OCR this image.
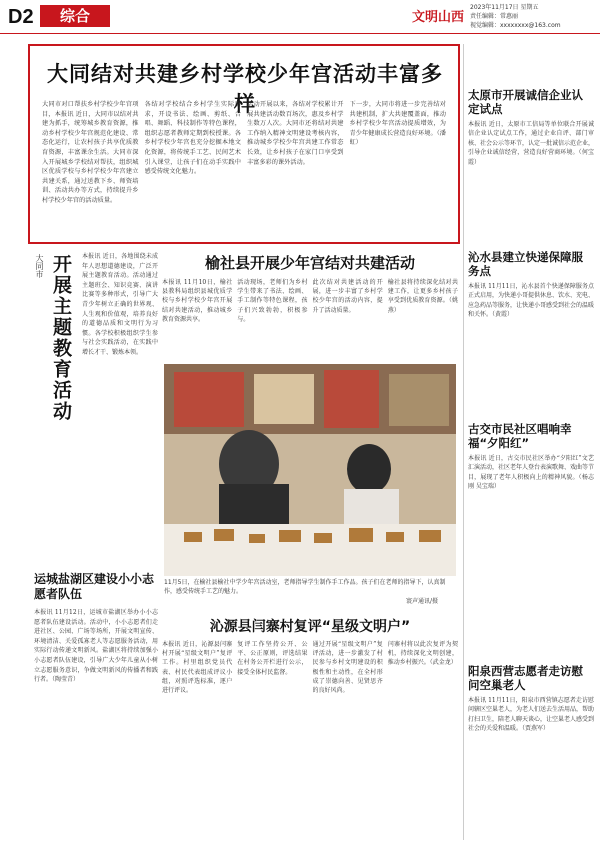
D2	综合	文明山西
2023年11月17日 星期五
责任编辑：常惠丽
视觉编辑：xxxxxxxx@163.com
大同结对共建乡村学校少年宫活动丰富多样
大同市对口帮扶乡村学校少年宫项目，本报讯 近日，大同市以结对共建为抓手，统筹城乡教育资源，推动乡村学校少年宫规范化建设、常态化运行，让农村孩子共享优质教育资源，丰富课余生活。大同市深入开展城乡学校结对帮扶，组织城区优质学校与乡村学校少年宫建立共建关系，通过送教下乡、师资培训、活动共办等方式，持续提升乡村学校少年宫的活动质量。
各结对学校结合乡村学生实际需求，开设书法、绘画、剪纸、合唱、舞蹈、科技制作等特色课程，组织志愿者教师定期到校授课。各乡村学校少年宫也充分挖掘本地文化资源，将传统手工艺、民间艺术引入课堂，让孩子们在动手实践中感受传统文化魅力。
活动开展以来，各结对学校累计开展共建活动数百场次，惠及乡村学生数万人次。大同市还将结对共建工作纳入精神文明建设考核内容，推动城乡学校少年宫共建工作常态长效，让乡村孩子在家门口享受到丰富多彩的课外活动。
下一步，大同市将进一步完善结对共建机制，扩大共建覆盖面，推动乡村学校少年宫活动提质增效，为青少年健康成长营造良好环境。（潘虹）
大同市 开展主题教育活动	本报讯 近日，各地围绕未成年人思想道德建设，广泛开展主题教育活动。活动通过主题班会、知识竞赛、演讲比赛等多种形式，引导广大青少年树立正确的世界观、人生观和价值观，培养良好的道德品质和文明行为习惯。各学校积极组织学生参与社会实践活动，在实践中增长才干、锻炼本领。
榆社县开展少年宫结对共建活动
本报讯 11月10日，榆社县教科局组织县城优质学校与乡村学校少年宫开展结对共建活动，推动城乡教育资源共享。
活动现场，老师们为乡村学生带来了书法、绘画、手工制作等特色课程，孩子们兴致勃勃，积极参与。
此次结对共建活动的开展，进一步丰富了乡村学校少年宫的活动内容，提升了活动质量。
榆社县将持续深化结对共建工作，让更多乡村孩子享受到优质教育资源。（姚燕）
11月5日，在榆社县榆社中学少年宫活动室，老师指导学生制作手工作品。孩子们在老师的指导下，认真制作，感受传统手工艺的魅力。
寰声通讯/摄
运城盐湖区建设小小志愿者队伍
本报讯 11月12日，运城市盐湖区举办小小志愿者队伍建设活动。活动中，小小志愿者们走进社区、公园、广场等场所，开展文明宣传、环境清洁、关爱孤寡老人等志愿服务活动，用实际行动传递文明新风。盐湖区将持续加强小小志愿者队伍建设，引导广大少年儿童从小树立志愿服务意识，争做文明新风的传播者和践行者。（陶莹青）
沁源县闫寨村复评“星级文明户”
本报讯 近日，沁源县闫寨村开展“星级文明户”复评工作。村里组织党员代表、村民代表组成评议小组，对照评选标准，逐户进行评议。
复评工作坚持公开、公平、公正原则，评选结果在村务公开栏进行公示，接受全体村民监督。
通过开展“星级文明户”复评活动，进一步激发了村民参与乡村文明建设的积极性和主动性，在全村形成了崇德向善、见贤思齐的良好风尚。
闫寨村将以此次复评为契机，持续深化文明创建，推动乡村振兴。（武金龙）
太原市开展诚信企业认定试点
本报讯 近日，太原市工信局等单位联合开展诚信企业认定试点工作，通过企业自评、部门审核、社会公示等环节，认定一批诚信示范企业，引导企业诚信经营，营造良好营商环境。（何宝霞）
沁水县建立快递保障服务点
本报讯 11月11日，沁水县首个快递保障服务点正式启用，为快递小哥提供休息、饮水、充电、应急药品等服务，让快递小哥感受到社会的温暖和关怀。（黄霞）
古交市民社区唱响幸福“夕阳红”
本报讯 近日，古交市民社区举办“夕阳红”文艺汇演活动，社区老年人登台表演歌舞、戏曲等节目，展现了老年人积极向上的精神风貌。（杨志刚 吴宝瑞）
阳泉西营志愿者走访慰问空巢老人
本报讯 11月11日，阳泉市西营镇志愿者走访慰问辖区空巢老人，为老人们送去生活用品，帮助打扫卫生，陪老人聊天谈心，让空巢老人感受到社会的关爱和温暖。（贾燕军）
